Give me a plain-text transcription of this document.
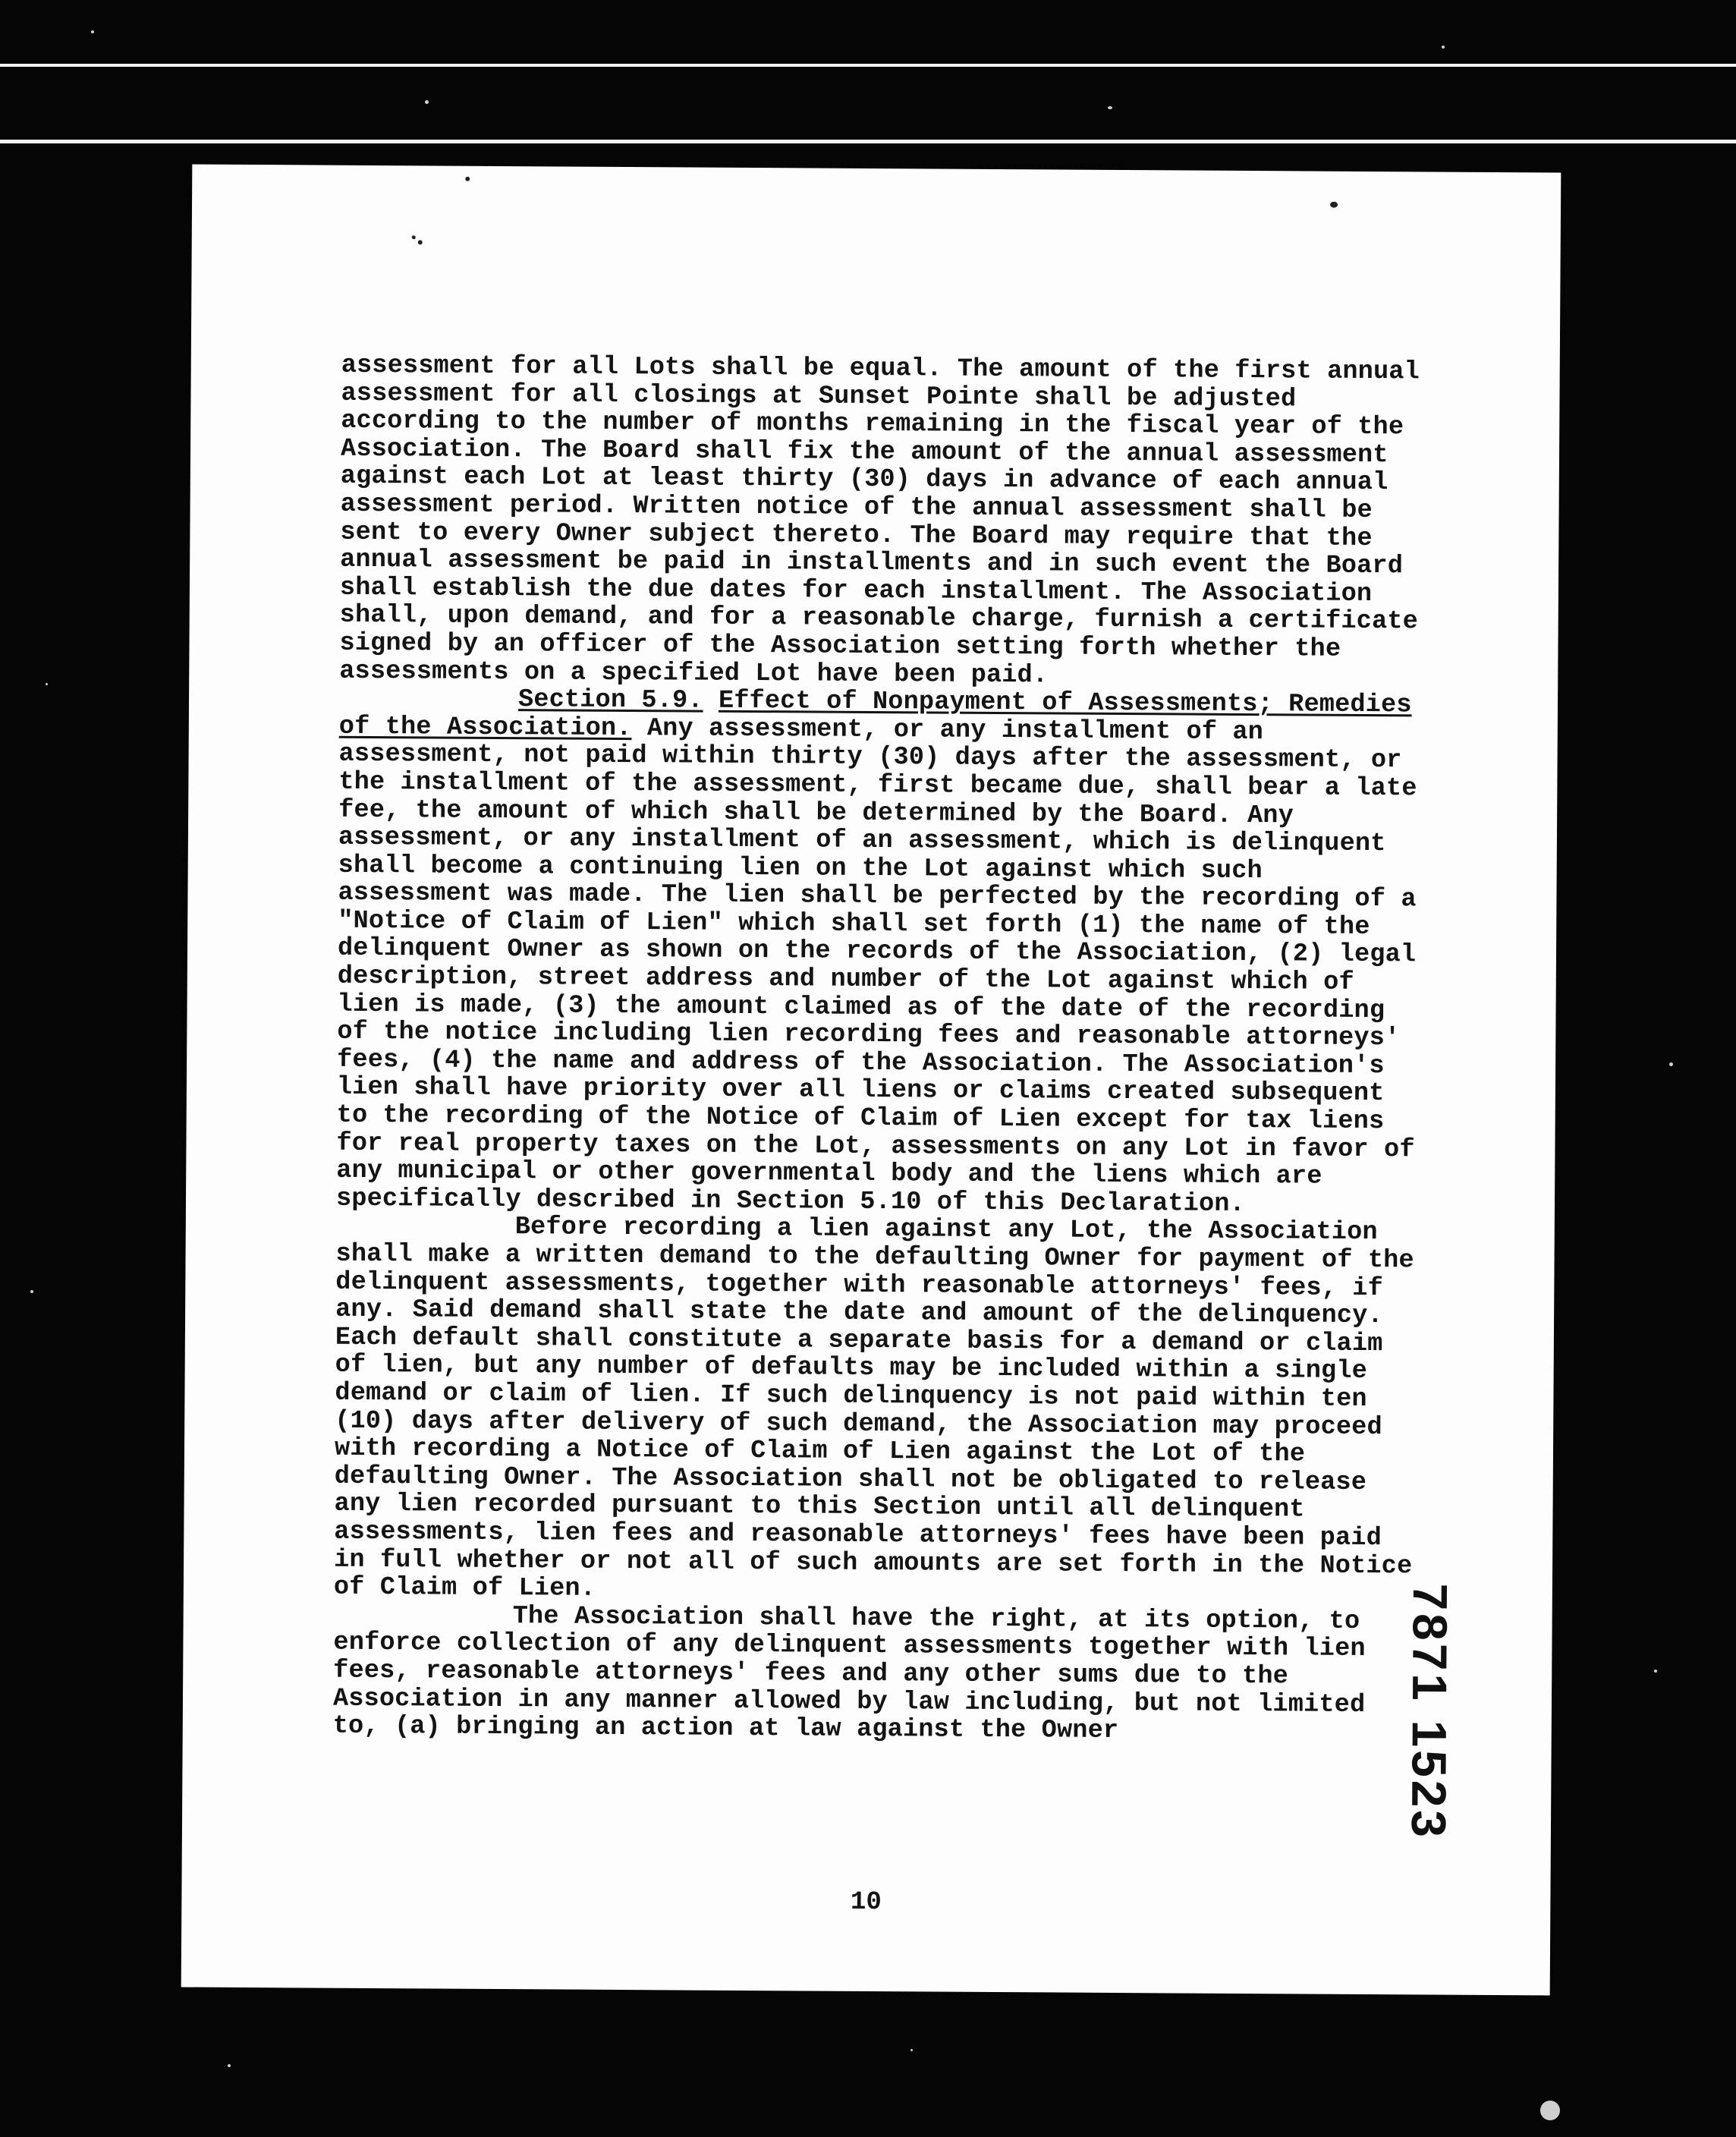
assessment for all Lots shall be equal. The amount of the first annual assessment for all closings at Sunset Pointe shall be adjusted according to the number of months remaining in the fiscal year of the Association. The Board shall fix the amount of the annual assessment against each Lot at least thirty (30) days in advance of each annual assessment period. Written notice of the annual assessment shall be sent to every Owner subject thereto. The Board may require that the annual assessment be paid in installments and in such event the Board shall establish the due dates for each installment. The Association shall, upon demand, and for a reasonable charge, furnish a certificate signed by an officer of the Association setting forth whether the assessments on a specified Lot have been paid.

Section 5.9. Effect of Nonpayment of Assessments; Remedies of the Association. Any assessment, or any installment of an assessment, not paid within thirty (30) days after the assessment, or the installment of the assessment, first became due, shall bear a late fee, the amount of which shall be determined by the Board. Any assessment, or any installment of an assessment, which is delinquent shall become a continuing lien on the Lot against which such assessment was made. The lien shall be perfected by the recording of a "Notice of Claim of Lien" which shall set forth (1) the name of the delinquent Owner as shown on the records of the Association, (2) legal description, street address and number of the Lot against which of lien is made, (3) the amount claimed as of the date of the recording of the notice including lien recording fees and reasonable attorneys' fees, (4) the name and address of the Association. The Association's lien shall have priority over all liens or claims created subsequent to the recording of the Notice of Claim of Lien except for tax liens for real property taxes on the Lot, assessments on any Lot in favor of any municipal or other governmental body and the liens which are specifically described in Section 5.10 of this Declaration.

Before recording a lien against any Lot, the Association shall make a written demand to the defaulting Owner for payment of the delinquent assessments, together with reasonable attorneys' fees, if any. Said demand shall state the date and amount of the delinquency. Each default shall constitute a separate basis for a demand or claim of lien, but any number of defaults may be included within a single demand or claim of lien. If such delinquency is not paid within ten (10) days after delivery of such demand, the Association may proceed with recording a Notice of Claim of Lien against the Lot of the defaulting Owner. The Association shall not be obligated to release any lien recorded pursuant to this Section until all delinquent assessments, lien fees and reasonable attorneys' fees have been paid in full whether or not all of such amounts are set forth in the Notice of Claim of Lien.

The Association shall have the right, at its option, to enforce collection of any delinquent assessments together with lien fees, reasonable attorneys' fees and any other sums due to the Association in any manner allowed by law including, but not limited to, (a) bringing an action at law against the Owner

10
7871 1523
